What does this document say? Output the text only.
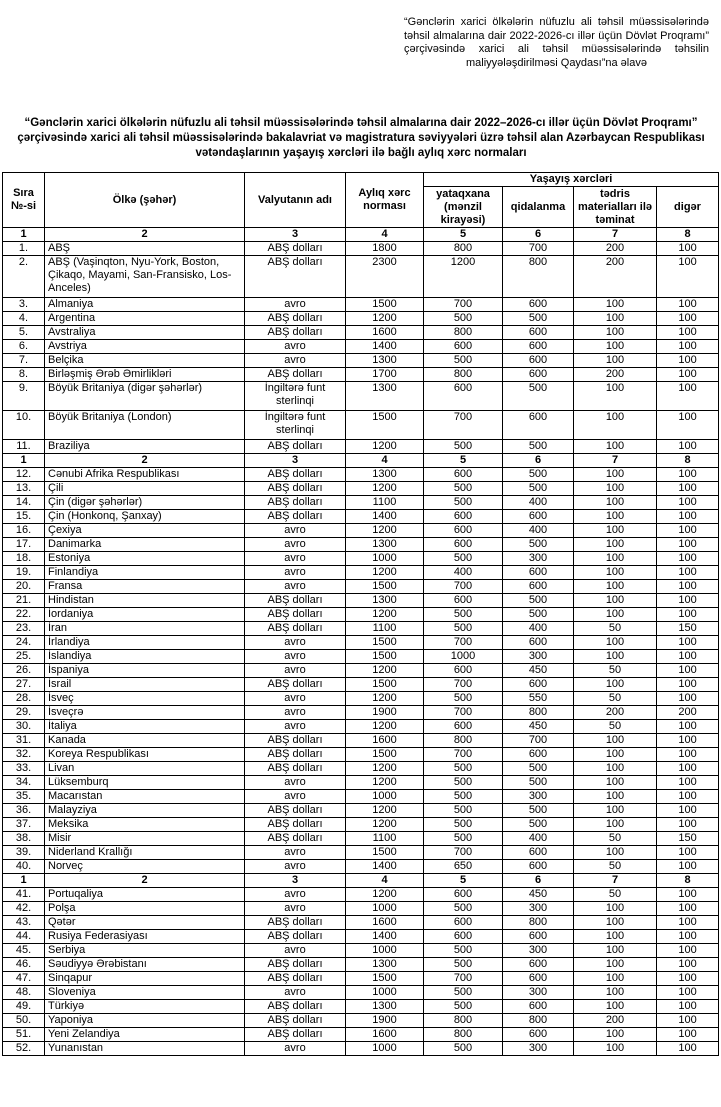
“Gənclərin xarici ölkələrin nüfuzlu ali təhsil müəssisələrində təhsil almalarına dair 2022-2026-cı illər üçün Dövlət Proqramı” çərçivəsində xarici ali təhsil müəssisələrində təhsilin maliyyələşdirilməsi Qaydası”na əlavə
“Gənclərin xarici ölkələrin nüfuzlu ali təhsil müəssisələrində təhsil almalarına dair 2022–2026-cı illər üçün Dövlət Proqramı” çərçivəsində xarici ali təhsil müəssisələrində bakalavriat və magistratura səviyyələri üzrə təhsil alan Azərbaycan Respublikası vətəndaşlarının yaşayış xərcləri ilə bağlı aylıq xərc normaları
Sıra №-si	Ölkə (şəhər)	Valyutanın adı	Aylıq xərc norması	Yaşayış xərcləri			
				yataqxana (mənzil kirayəsi)	qidalanma	tədris materialları ilə təminat	digər
1	2	3	4	5	6	7	8
1.	ABŞ	ABŞ dolları	1800	800	700	200	100
2.	ABŞ (Vaşinqton, Nyu-York, Boston, Çikaqo, Mayami, San-Fransisko, Los-Anceles)	ABŞ dolları	2300	1200	800	200	100
3.	Almaniya	avro	1500	700	600	100	100
4.	Argentina	ABŞ dolları	1200	500	500	100	100
5.	Avstraliya	ABŞ dolları	1600	800	600	100	100
6.	Avstriya	avro	1400	600	600	100	100
7.	Belçika	avro	1300	500	600	100	100
8.	Birləşmiş Ərəb Əmirlikləri	ABŞ dolları	1700	800	600	200	100
9.	Böyük Britaniya (digər şəhərlər)	İngiltərə funt sterlinqi	1300	600	500	100	100
10.	Böyük Britaniya (London)	İngiltərə funt sterlinqi	1500	700	600	100	100
11.	Braziliya	ABŞ dolları	1200	500	500	100	100
1	2	3	4	5	6	7	8
12.	Cənubi Afrika Respublikası	ABŞ dolları	1300	600	500	100	100
13.	Çili	ABŞ dolları	1200	500	500	100	100
14.	Çin (digər şəhərlər)	ABŞ dolları	1100	500	400	100	100
15.	Çin (Honkonq, Şanxay)	ABŞ dolları	1400	600	600	100	100
16.	Çexiya	avro	1200	600	400	100	100
17.	Danimarka	avro	1300	600	500	100	100
18.	Estoniya	avro	1000	500	300	100	100
19.	Finlandiya	avro	1200	400	600	100	100
20.	Fransa	avro	1500	700	600	100	100
21.	Hindistan	ABŞ dolları	1300	600	500	100	100
22.	İordaniya	ABŞ dolları	1200	500	500	100	100
23.	İran	ABŞ dolları	1100	500	400	50	150
24.	İrlandiya	avro	1500	700	600	100	100
25.	İslandiya	avro	1500	1000	300	100	100
26.	İspaniya	avro	1200	600	450	50	100
27.	İsrail	ABŞ dolları	1500	700	600	100	100
28.	İsveç	avro	1200	500	550	50	100
29.	İsveçrə	avro	1900	700	800	200	200
30.	İtaliya	avro	1200	600	450	50	100
31.	Kanada	ABŞ dolları	1600	800	700	100	100
32.	Koreya Respublikası	ABŞ dolları	1500	700	600	100	100
33.	Livan	ABŞ dolları	1200	500	500	100	100
34.	Lüksemburq	avro	1200	500	500	100	100
35.	Macarıstan	avro	1000	500	300	100	100
36.	Malayziya	ABŞ dolları	1200	500	500	100	100
37.	Meksika	ABŞ dolları	1200	500	500	100	100
38.	Misir	ABŞ dolları	1100	500	400	50	150
39.	Niderland Krallığı	avro	1500	700	600	100	100
40.	Norveç	avro	1400	650	600	50	100
1	2	3	4	5	6	7	8
41.	Portuqaliya	avro	1200	600	450	50	100
42.	Polşa	avro	1000	500	300	100	100
43.	Qətər	ABŞ dolları	1600	600	800	100	100
44.	Rusiya Federasiyası	ABŞ dolları	1400	600	600	100	100
45.	Serbiya	avro	1000	500	300	100	100
46.	Səudiyyə Ərəbistanı	ABŞ dolları	1300	500	600	100	100
47.	Sinqapur	ABŞ dolları	1500	700	600	100	100
48.	Sloveniya	avro	1000	500	300	100	100
49.	Türkiyə	ABŞ dolları	1300	500	600	100	100
50.	Yaponiya	ABŞ dolları	1900	800	800	200	100
51.	Yeni Zelandiya	ABŞ dolları	1600	800	600	100	100
52.	Yunanıstan	avro	1000	500	300	100	100
